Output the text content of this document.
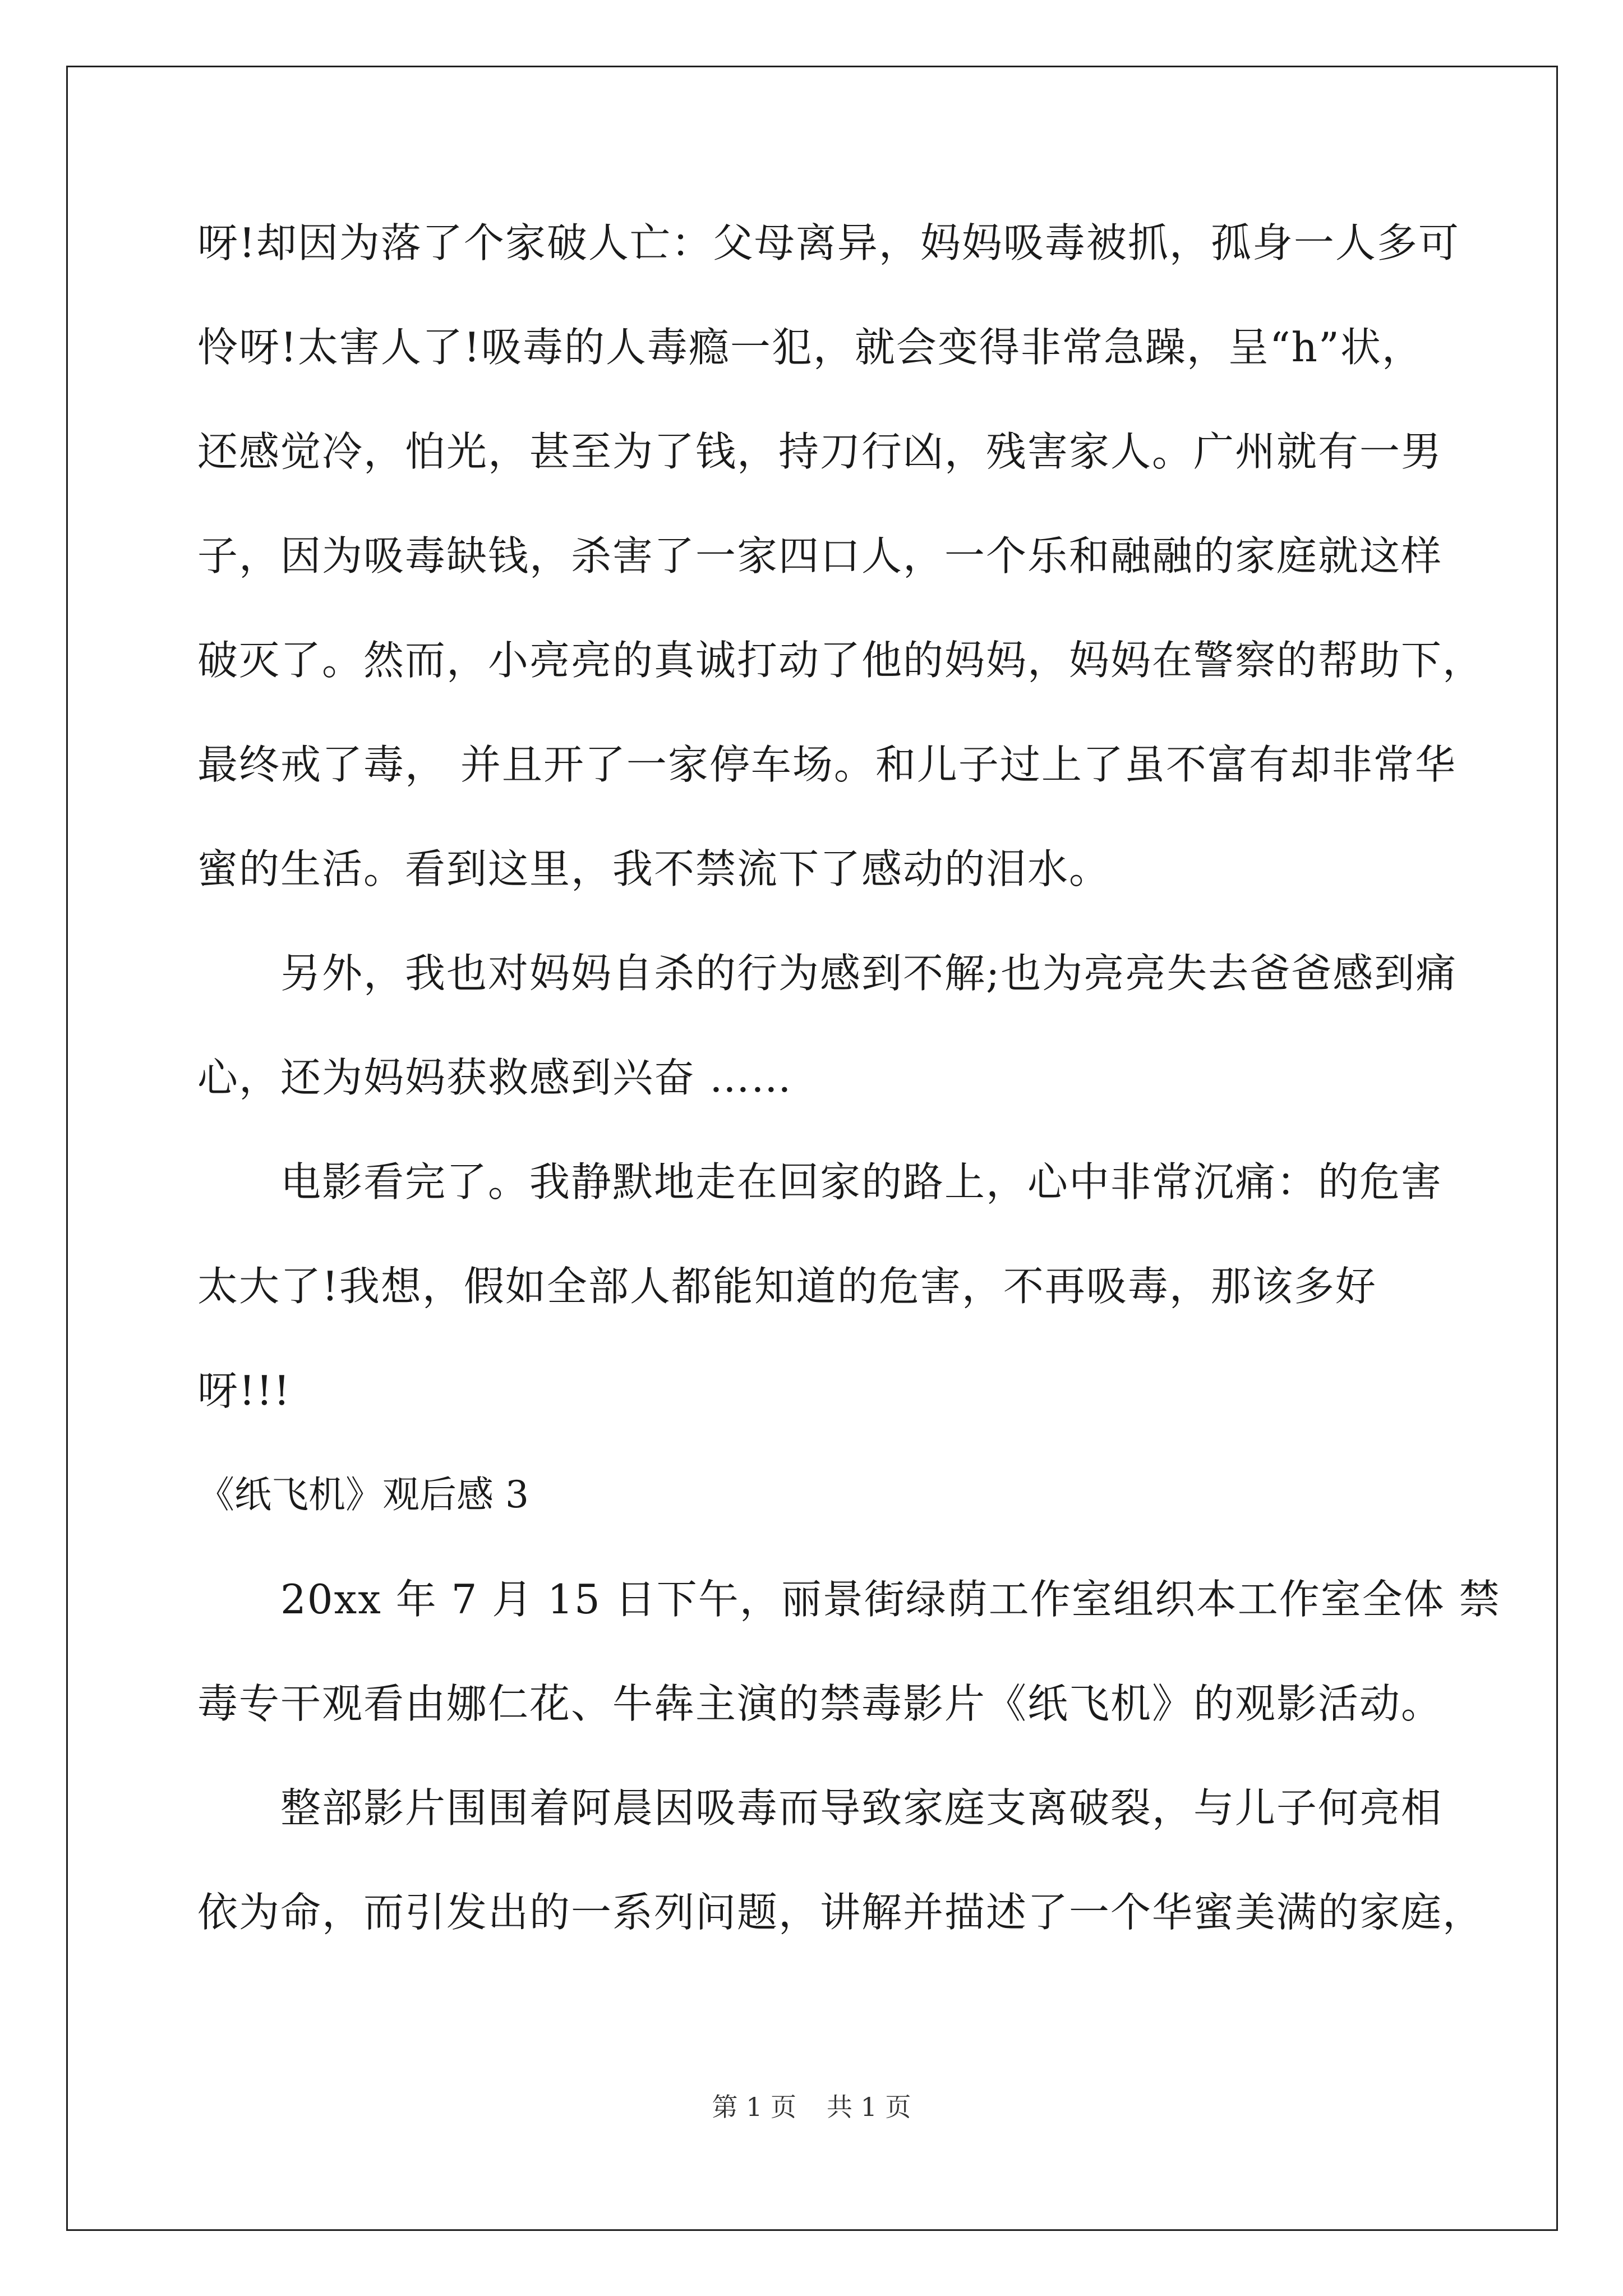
呀!却因为落了个家破人亡：父母离异，妈妈吸毒被抓，孤身一人多可
怜呀!太害人了!吸毒的人毒瘾一犯，就会变得非常急躁，呈“h”状，
还感觉冷，怕光，甚至为了钱，持刀行凶，残害家人。广州就有一男
子，因为吸毒缺钱，杀害了一家四口人，一个乐和融融的家庭就这样
破灭了。然而，小亮亮的真诚打动了他的妈妈，妈妈在警察的帮助下，
最终戒了毒， 并且开了一家停车场。和儿子过上了虽不富有却非常华
蜜的生活。看到这里，我不禁流下了感动的泪水。
另外，我也对妈妈自杀的行为感到不解;也为亮亮失去爸爸感到痛
心，还为妈妈获救感到兴奋 ……
电影看完了。我静默地走在回家的路上，心中非常沉痛：的危害
太大了!我想，假如全部人都能知道的危害，不再吸毒，那该多好
呀!!!
《纸飞机》观后感 3
20xx 年 7 月 15 日下午，丽景街绿荫工作室组织本工作室全体 禁
毒专干观看由娜仁花、牛犇主演的禁毒影片《纸飞机》的观影活动。
整部影片围围着阿晨因吸毒而导致家庭支离破裂，与儿子何亮相
依为命，而引发出的一系列问题，讲解并描述了一个华蜜美满的家庭，
第 1 页 共 1 页
